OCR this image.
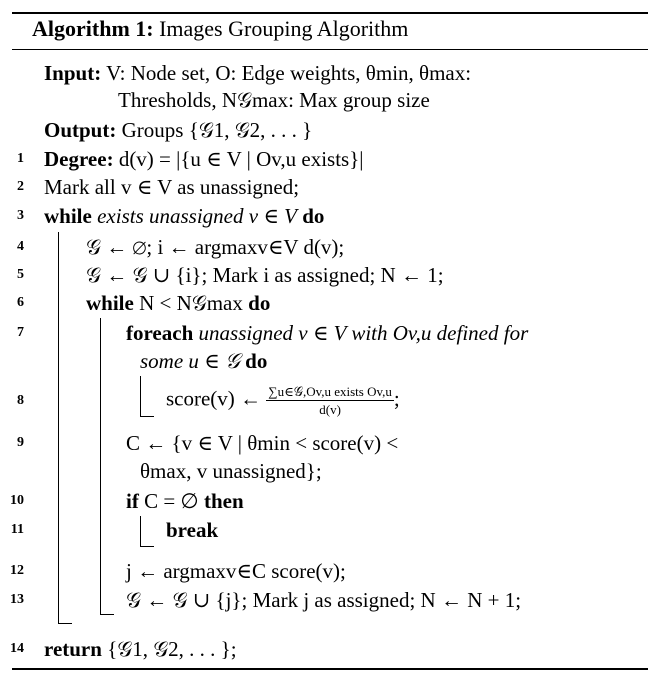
Algorithm 1: Images Grouping Algorithm
Input: V: Node set, O: Edge weights, θmin, θmax:
Thresholds, N𝒢max: Max group size
Output: Groups {𝒢1, 𝒢2, . . . }
1 Degree: d(v) = |{u ∈ V | Ov,u exists}|
2 Mark all v ∈ V as unassigned;
3 while exists unassigned v ∈ V do
4	𝒢 ← ∅; i ← argmaxv∈V d(v);
5	𝒢 ← 𝒢 ∪ {i}; Mark i as assigned; N ← 1;
6	while N < N𝒢max do
7	foreach unassigned v ∈ V with Ov,u defined for
some u ∈ 𝒢 do
8	score(v) ← $\frac{\text{∑u∈𝒢,Ov,u exists Ov,u}}{d(v)}$ ;
9	C ← {v ∈ V | θmin < score(v) <
θmax, v unassigned};
10	if C = ∅ then
11	break
12	j ← argmaxv∈C score(v);
13	𝒢 ← 𝒢 ∪ {j}; Mark j as assigned; N ← N + 1;
14 return {𝒢1, 𝒢2, . . . };
